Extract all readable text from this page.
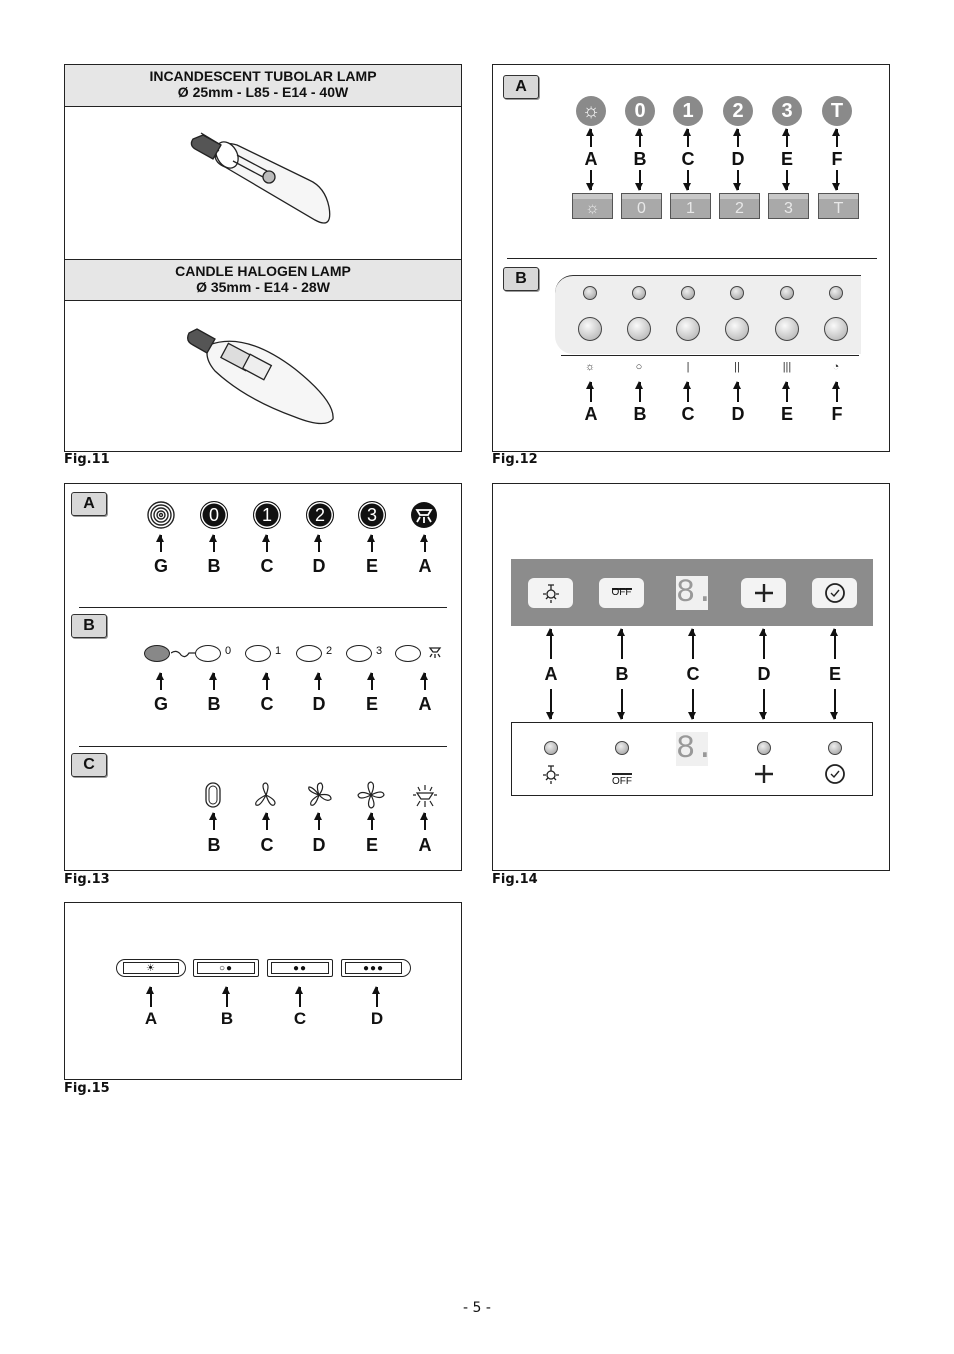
INCANDESCENT TUBOLAR LAMP
Ø 25mm - L85 - E14 - 40W
CANDLE HALOGEN LAMP
Ø 35mm - E14 - 28W
Fig.11
A
☼	0	1	2	3	T
A	B	C	D	E	F
☼	0	1	2	3	T
B
☼	○	|	||	|||	◔
A	B	C	D	E	F
Fig.12
A
0	1	2	3
G	B	C	D	E	A
B
0	1	2	3
G	B	C	D	E	A
C
B	C	D	E	A
Fig.13
OFF	8.
A	B	C	D	E
OFF
8.
Fig.14
☀	○●	●●	●●●
A	B	C	D
Fig.15
- 5 -
